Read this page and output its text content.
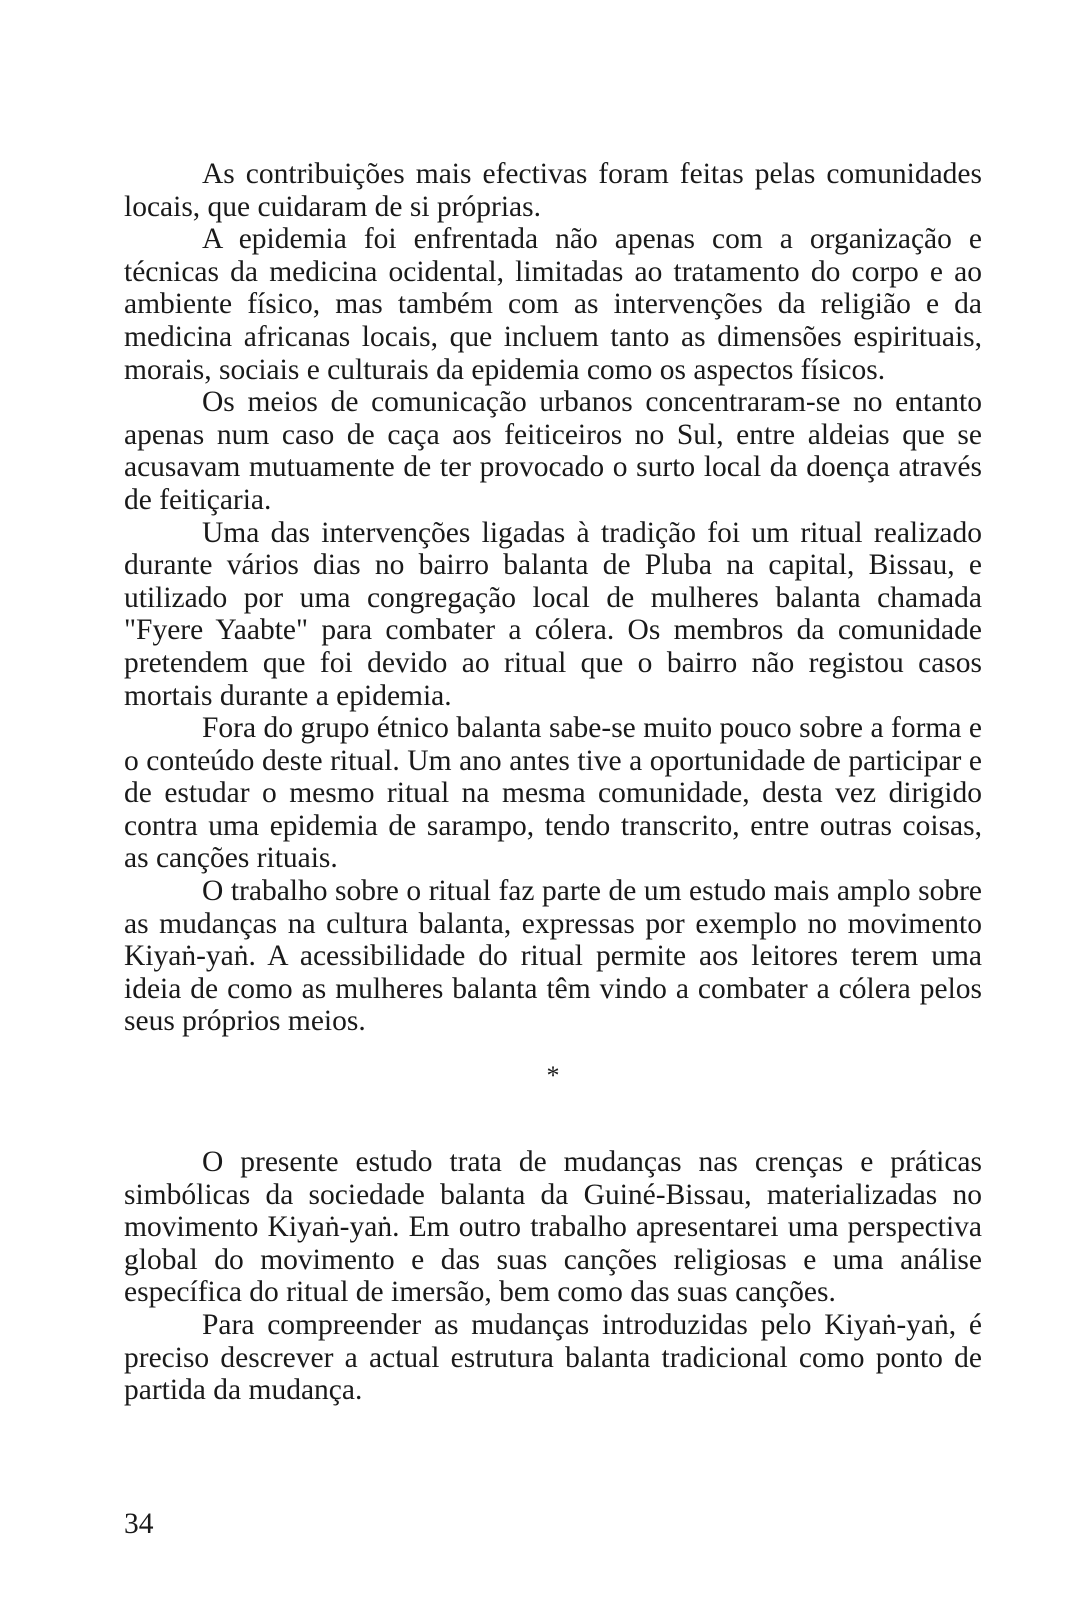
As contribuições mais efectivas foram feitas pelas comunidades locais, que cuidaram de si próprias.

A epidemia foi enfrentada não apenas com a organização e técnicas da medicina ocidental, limitadas ao tratamento do corpo e ao ambiente físico, mas também com as intervenções da religião e da medicina africanas locais, que incluem tanto as dimensões espirituais, morais, sociais e culturais da epidemia como os aspectos físicos.

Os meios de comunicação urbanos concentraram-se no entanto apenas num caso de caça aos feiticeiros no Sul, entre aldeias que se acusavam mutuamente de ter provocado o surto local da doença através de feitiçaria.

Uma das intervenções ligadas à tradição foi um ritual realizado durante vários dias no bairro balanta de Pluba na capital, Bissau, e utilizado por uma congregação local de mulheres balanta chamada "Fyere Yaabte" para combater a cólera. Os membros da comunidade pretendem que foi devido ao ritual que o bairro não registou casos mortais durante a epidemia.

Fora do grupo étnico balanta sabe-se muito pouco sobre a forma e o conteúdo deste ritual. Um ano antes tive a oportunidade de participar e de estudar o mesmo ritual na mesma comunidade, desta vez dirigido contra uma epidemia de sarampo, tendo transcrito, entre outras coisas, as canções rituais.

O trabalho sobre o ritual faz parte de um estudo mais amplo sobre as mudanças na cultura balanta, expressas por exemplo no movimento Kiyaṅ-yaṅ. A acessibilidade do ritual permite aos leitores terem uma ideia de como as mulheres balanta têm vindo a combater a cólera pelos seus próprios meios.

*

O presente estudo trata de mudanças nas crenças e práticas simbólicas da sociedade balanta da Guiné-Bissau, materializadas no movimento Kiyaṅ-yaṅ. Em outro trabalho apresentarei uma perspectiva global do movimento e das suas canções religiosas e uma análise específica do ritual de imersão, bem como das suas canções.

Para compreender as mudanças introduzidas pelo Kiyaṅ-yaṅ, é preciso descrever a actual estrutura balanta tradicional como ponto de partida da mudança.

34
